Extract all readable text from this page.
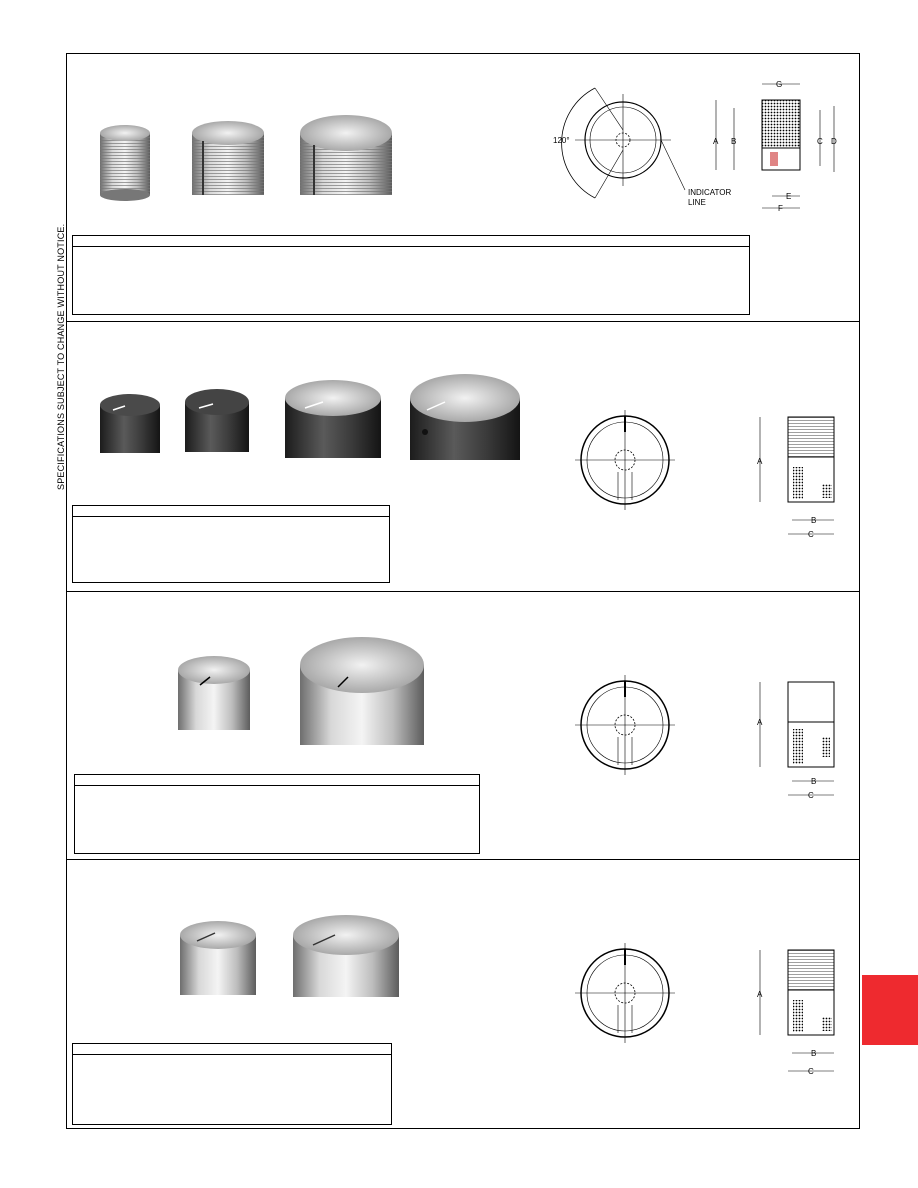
SPECIFICATIONS SUBJECT TO CHANGE WITHOUT NOTICE.
120°
INDICATOR
LINE
G
A B	C D
E
F
A
B
C
A
B
C
A
B
C
